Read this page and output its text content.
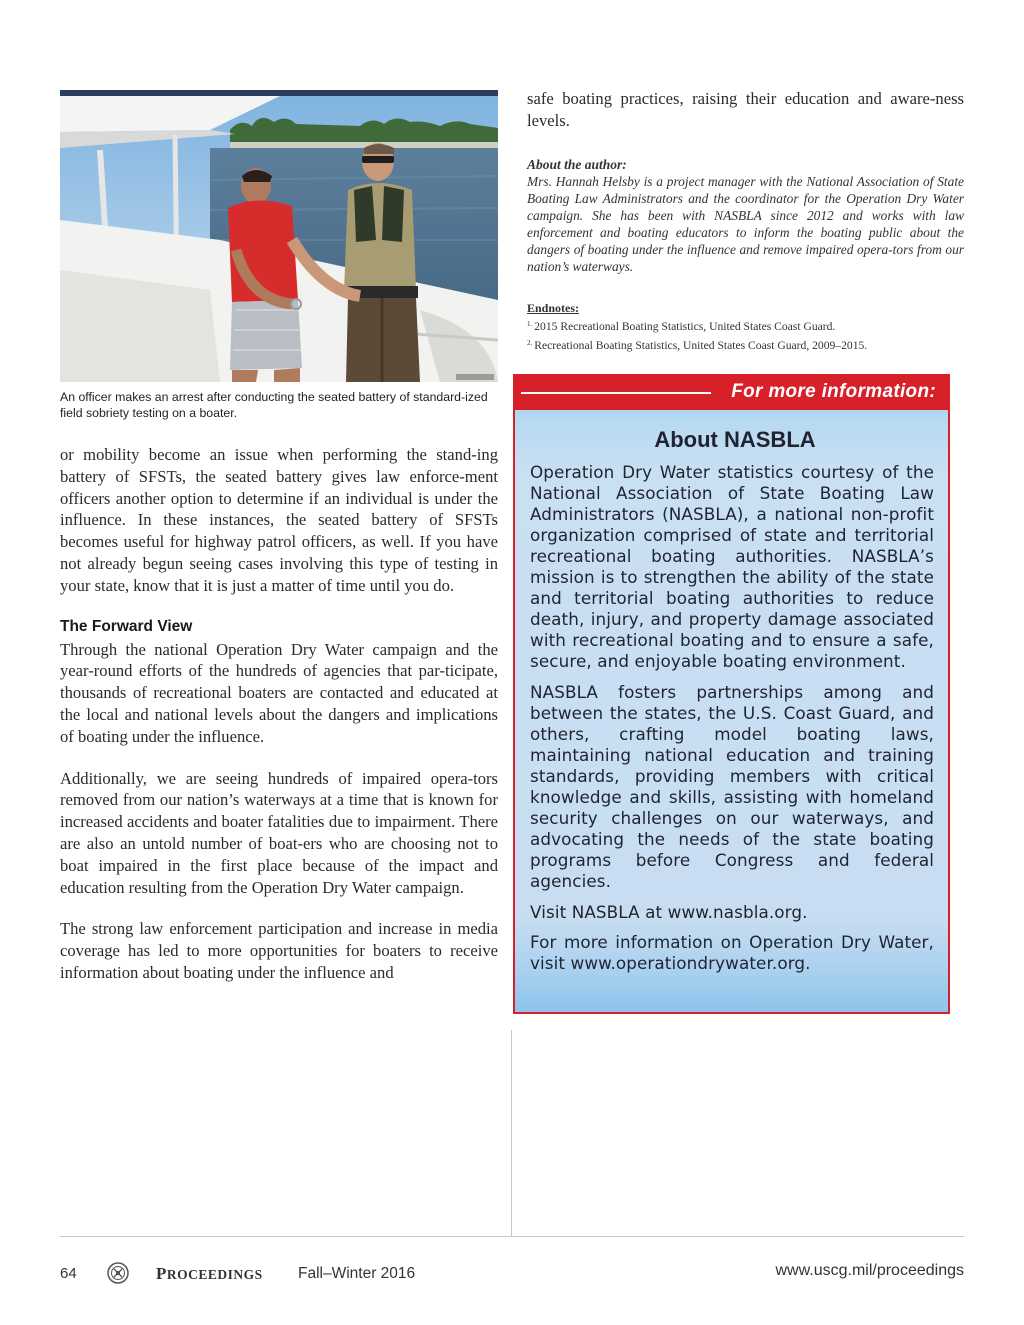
An officer makes an arrest after conducting the seated battery of standard-ized field sobriety testing on a boater.

or mobility become an issue when performing the stand-ing battery of SFSTs, the seated battery gives law enforce-ment officers another option to determine if an individual is under the influence. In these instances, the seated battery of SFSTs becomes useful for highway patrol officers, as well. If you have not already begun seeing cases involving this type of testing in your state, know that it is just a matter of time until you do.

The Forward View

Through the national Operation Dry Water campaign and the year-round efforts of the hundreds of agencies that par-ticipate, thousands of recreational boaters are contacted and educated at the local and national levels about the dangers and implications of boating under the influence.

Additionally, we are seeing hundreds of impaired opera-tors removed from our nation’s waterways at a time that is known for increased accidents and boater fatalities due to impairment. There are also an untold number of boat-ers who are choosing not to boat impaired in the first place because of the impact and education resulting from the Operation Dry Water campaign.

The strong law enforcement participation and increase in media coverage has led to more opportunities for boaters to receive information about boating under the influence and

safe boating practices, raising their education and aware-ness levels.

About the author:

Mrs. Hannah Helsby is a project manager with the National Association of State Boating Law Administrators and the coordinator for the Operation Dry Water campaign. She has been with NASBLA since 2012 and works with law enforcement and boating educators to inform the boating public about the dangers of boating under the influence and remove impaired opera-tors from our nation’s waterways.

Endnotes:

$^{1.}$ 2015 Recreational Boating Statistics, United States Coast Guard.

$^{2.}$ Recreational Boating Statistics, United States Coast Guard, 2009–2015.

For more information:
About NASBLA

Operation Dry Water statistics courtesy of the National Association of State Boating Law Administrators (NASBLA), a national non-profit organization comprised of state and territorial recreational boating authorities. NASBLA’s mission is to strengthen the ability of the state and territorial boating authorities to reduce death, injury, and property damage associated with recreational boating and to ensure a safe, secure, and enjoyable boating environment.

NASBLA fosters partnerships among and between the states, the U.S. Coast Guard, and others, crafting model boating laws, maintaining national education and training standards, providing members with critical knowledge and skills, assisting with homeland security challenges on our waterways, and advocating the needs of the state boating programs before Congress and federal agencies.

Visit NASBLA at www.nasbla.org.

For more information on Operation Dry Water, visit www.operationdrywater.org.

64	PROCEEDINGS Fall–Winter 2016	www.uscg.mil/proceedings
